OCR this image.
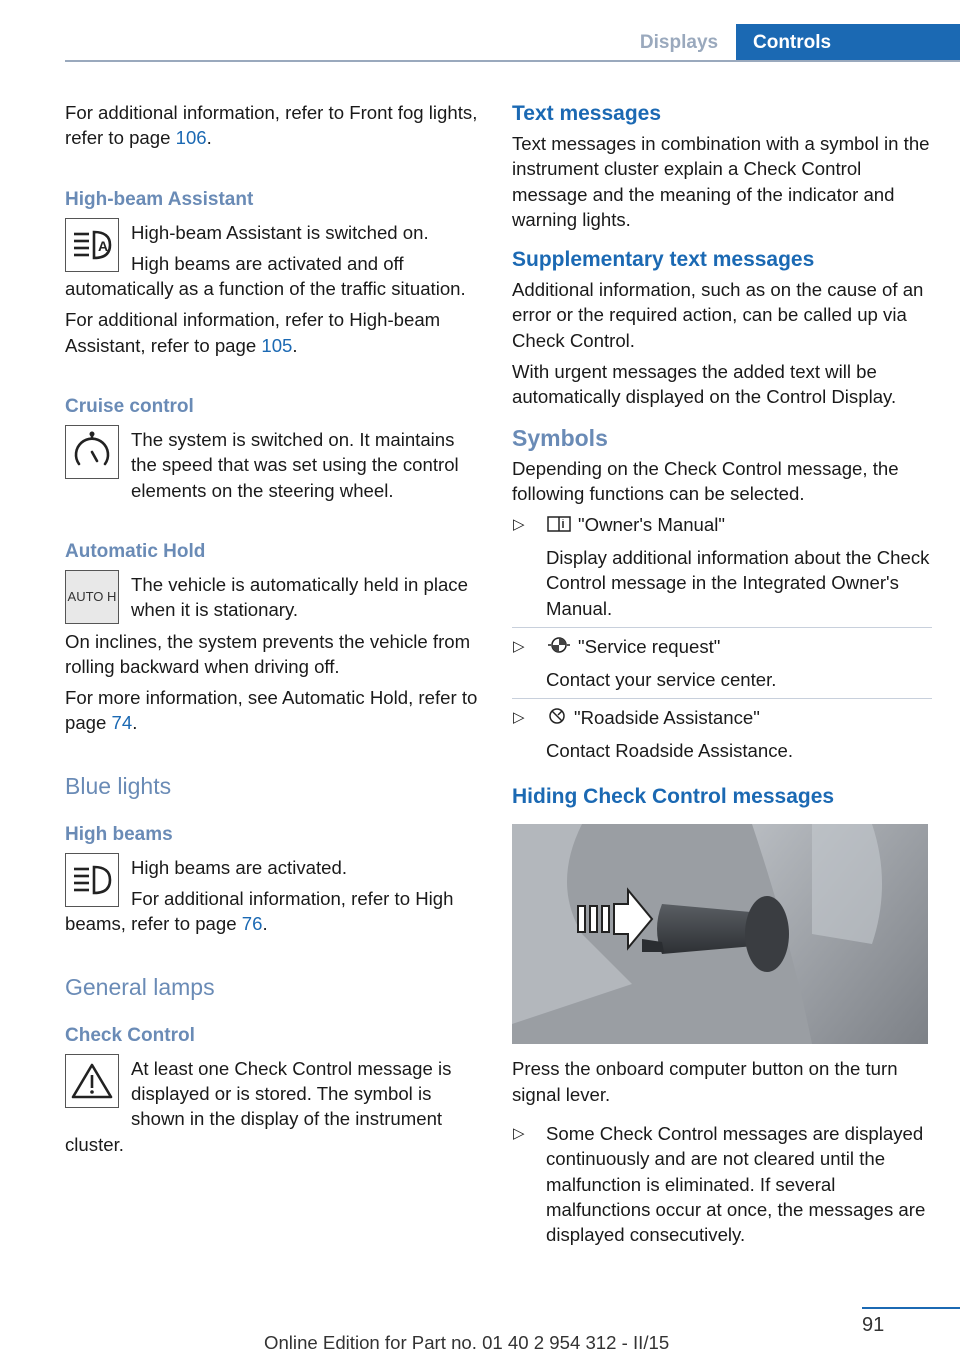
Displays	Controls

For additional information, refer to Front fog lights, refer to page 106.

High-beam Assistant
A

High-beam Assistant is switched on.

High beams are activated and off automatically as a function of the traffic situation.

For additional information, refer to High-beam Assistant, refer to page 105.

Cruise control

The system is switched on. It maintains the speed that was set using the control elements on the steering wheel.

Automatic Hold
AUTO H

The vehicle is automatically held in place when it is stationary.

On inclines, the system prevents the vehicle from rolling backward when driving off.

For more information, see Automatic Hold, refer to page 74.

Blue lights
High beams

High beams are activated.

For additional information, refer to High beams, refer to page 76.

General lamps
Check Control

At least one Check Control message is displayed or is stored. The symbol is shown in the display of the instrument cluster.

Text messages

Text messages in combination with a symbol in the instrument cluster explain a Check Control message and the meaning of the indicator and warning lights.

Supplementary text messages

Additional information, such as on the cause of an error or the required action, can be called up via Check Control.

With urgent messages the added text will be automatically displayed on the Control Display.

Symbols

Depending on the Check Control message, the following functions can be selected.

▷	"Owner's Manual"

Display additional information about the Check Control message in the Integrated Owner's Manual.

▷	"Service request"

Contact your service center.

▷	"Roadside Assistance"

Contact Roadside Assistance.

Hiding Check Control messages

Press the onboard computer button on the turn signal lever.

▷ Some Check Control messages are displayed continuously and are not cleared until the malfunction is eliminated. If several malfunctions occur at once, the messages are displayed consecutively.

91
Online Edition for Part no. 01 40 2 954 312 - II/15
